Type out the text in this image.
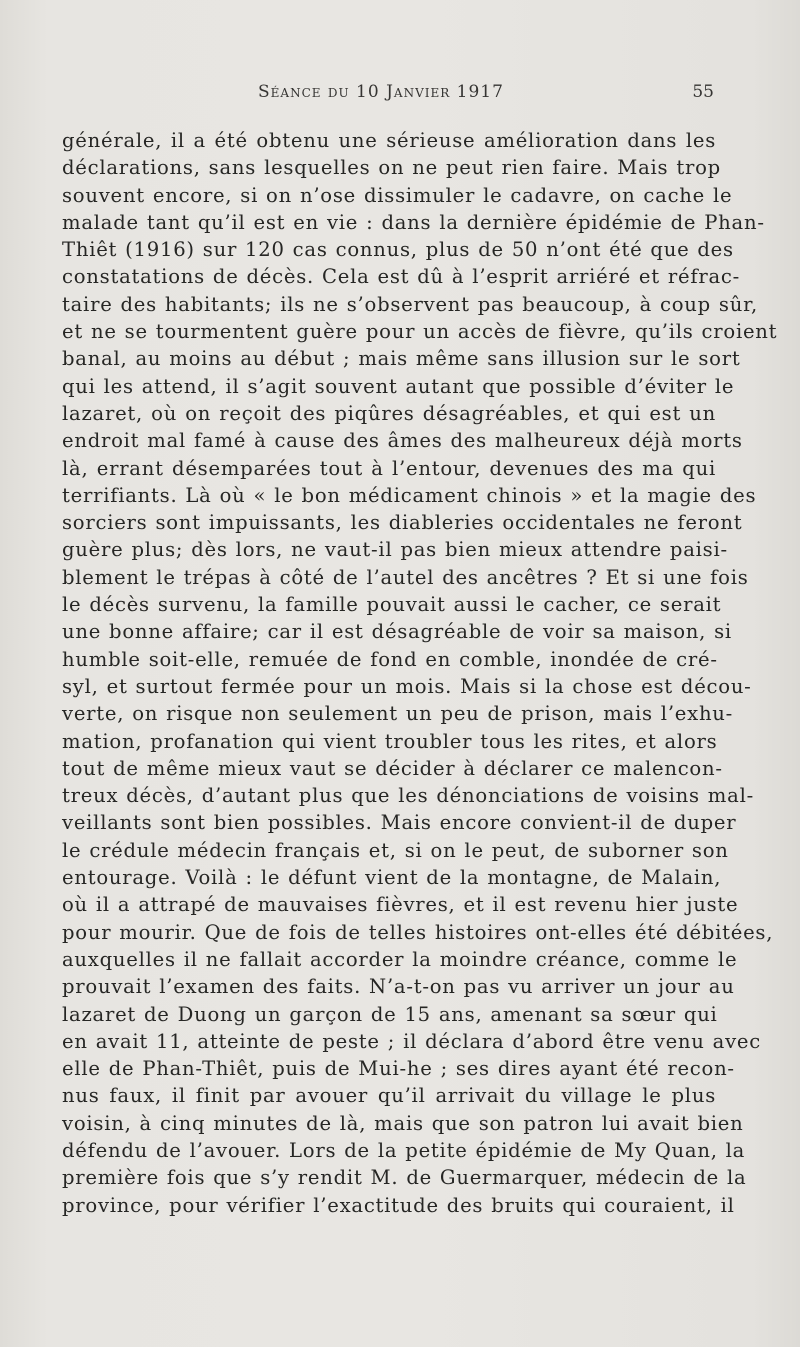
Séance du 10 Janvier 1917	55
générale, il a été obtenu une sérieuse amélioration dans les
déclarations, sans lesquelles on ne peut rien faire. Mais trop
souvent encore, si on n’ose dissimuler le cadavre, on cache le
malade tant qu’il est en vie : dans la dernière épidémie de Phan-
Thiêt (1916) sur 120 cas connus, plus de 50 n’ont été que des
constatations de décès. Cela est dû à l’esprit arriéré et réfrac-
taire des habitants; ils ne s’observent pas beaucoup, à coup sûr,
et ne se tourmentent guère pour un accès de fièvre, qu’ils croient
banal, au moins au début ; mais même sans illusion sur le sort
qui les attend, il s’agit souvent autant que possible d’éviter le
lazaret, où on reçoit des piqûres désagréables, et qui est un
endroit mal famé à cause des âmes des malheureux déjà morts
là, errant désemparées tout à l’entour, devenues des ma qui
terrifiants. Là où « le bon médicament chinois » et la magie des
sorciers sont impuissants, les diableries occidentales ne feront
guère plus; dès lors, ne vaut-il pas bien mieux attendre paisi-
blement le trépas à côté de l’autel des ancêtres ? Et si une fois
le décès survenu, la famille pouvait aussi le cacher, ce serait
une bonne affaire; car il est désagréable de voir sa maison, si
humble soit-elle, remuée de fond en comble, inondée de cré-
syl, et surtout fermée pour un mois. Mais si la chose est décou-
verte, on risque non seulement un peu de prison, mais l’exhu-
mation, profanation qui vient troubler tous les rites, et alors
tout de même mieux vaut se décider à déclarer ce malencon-
treux décès, d’autant plus que les dénonciations de voisins mal-
veillants sont bien possibles. Mais encore convient-il de duper
le crédule médecin français et, si on le peut, de suborner son
entourage. Voilà : le défunt vient de la montagne, de Malain,
où il a attrapé de mauvaises fièvres, et il est revenu hier juste
pour mourir. Que de fois de telles histoires ont-elles été débitées,
auxquelles il ne fallait accorder la moindre créance, comme le
prouvait l’examen des faits. N’a-t-on pas vu arriver un jour au
lazaret de Duong un garçon de 15 ans, amenant sa sœur qui
en avait 11, atteinte de peste ; il déclara d’abord être venu avec
elle de Phan-Thiêt, puis de Mui-he ; ses dires ayant été recon-
nus faux, il finit par avouer qu’il arrivait du village le plus
voisin, à cinq minutes de là, mais que son patron lui avait bien
défendu de l’avouer. Lors de la petite épidémie de My Quan, la
première fois que s’y rendit M. de Guermarquer, médecin de la
province, pour vérifier l’exactitude des bruits qui couraient, il
